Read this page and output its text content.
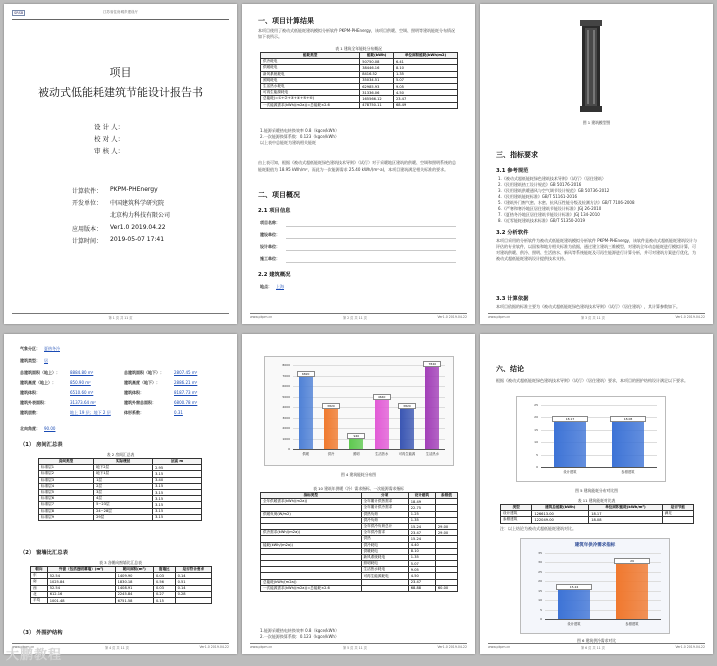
SRSB	江苏省住房城乡建设厅
项目
被动式低能耗建筑节能设计报告书
设 计 人：
校 对 人：
审 核 人：
计算软件： PKPM-PHEnergy
开发单位： 中国建筑科学研究院
北京构力科技有限公司
应用版本： Ver1.0 2019.04.22
计算时间： 2019-05-07 17:41
第 1 页 共 11 页
一、项目计算结果
本项目使用了被动式低能耗建筑模拟分析软件 PKPM-PHEnergy，该项目供暖、空调、照明等建筑能耗分布情况如下表所示。
表 1 建筑全年能耗分布概况
能耗类型	能耗(kWh)	单位面积能耗(kWh/m2)
供冷耗电	50750.08	6.41
供暖耗电	38446.16	8.10
新风系统耗电	8416.52	1.35
照明耗电	35034.51	5.07
生活热水耗电	62985.93	9.05
可再生能源耗电	31336.06	4.50
总能耗(=①+②+③+④+⑤+⑥)	165566.12	23.47
一次能源需求(kWh/(m2a))=总能耗×2.6	478750.11	68.49
1.能源采暖热电转换效率 0.8（kgce/kWh）
2.一次能源换算系数：0.123（kgce/kWh）
以上表中总能耗为建筑相关能耗
由上表可知，根据《被动式超低能耗绿色建筑技术导则》（试行）对于采暖地区建筑的供暖、空调和照明系统的总能耗限值为 18.95 kWh/m²，而此为一次能源需求 25.40 kWh/(m²·a)，本项目建筑满足相关标准的要求。
二、项目概况
2.1 项目信息
项目名称：
建设单位：
设计单位：
施工单位：
2.2 建筑概况
地点： 上海
www.pkpm.cn	第 2 页 共 11 页	Ver1.0 2019.04.22
图 1 建筑模型图
三、指标要求
3.1 参考规范
1.《被动式超低能耗绿色建筑技术导则》（试行）（居住建筑）
2.《民用建筑热工设计规范》GB 50176-2016
3.《民用建筑供暖通风与空气调节设计规范》GB 50736-2012
4.《民用建筑能耗标准》GB/T 51161-2016
5.《建筑外门窗气密、水密、抗风压性能分级及检测方法》GB/T 7106-2008
6.《严寒和寒冷地区居住建筑节能设计标准》JGJ 26-2010
7.《夏热冬冷地区居住建筑节能设计标准》JGJ 134-2010
8.《近零能耗建筑技术标准》GB/T 51350-2019
3.2 分析软件
本项目采用的分析软件为被动式低能耗建筑模拟分析软件 PKPM-PHEnergy，该软件是被动式超低能耗建筑设计与评估的专业软件，以国家和地方相关标准为依据，通过建立建筑三维模型，对建筑全年动态能耗进行模拟计算，可对建筑供暖、供冷、照明、生活热水、新风等系统能耗及可再生能源进行计算分析，并可对建筑方案进行优化，为被动式超低能耗建筑设计提供技术支持。
3.3 计算依据
本项目依据的标准主要为《被动式超低能耗绿色建筑技术导则》（试行）（居住建筑），其计算参数如下。
www.pkpm.cn	第 3 页 共 11 页	Ver1.0 2019.04.22
气象分区： 夏热冬冷
建筑类型： 居
总建筑面积（地上）：	8884.80 m²	总建筑面积（地下）：	2807.45 m²
建筑高度（地上）：	850.90 m²	建筑高度（地下）：	2886.21 m²
建筑体积：	6510.60 m³	建筑体积：	8187.73 m³
建筑外表面积：	31373.64 m²	建筑外窗总面积：	6800.78 m²
建筑层数：	地上 19 层；地下 2 层	体形系数：	0.31
北向角度： 90.00
（1） 房间汇总表
表 2 房间汇总表
房间类型	实际楼层	层高 m
标准层1	地下2层	2.95
标准层2	地下1层	3.15
标准层3	1层	3.40
标准层4	2层	3.15
标准层5	3层	3.15
标准层6	4层	3.15
标准层7	5~23层	3.15
标准层8	24~28层	3.15
标准层9	29层	3.15
（2） 窗墙比汇总表
表 3 各朝向窗墙比汇总表
朝向	外窗（包括透明幕墙）(m²)	朝向面积(m²)	窗墙比	是否符合要求
东	52.54	1409.90	0.03	0.14
南	1025.84	1830.18	0.56	0.51
西	52.54	1408.91	0.03	0.14
北	612.16	2245.84	0.27	0.28
平均	1001.48	6751.58	0.15	
（3） 外围护结构
www.pkpm.cn	第 4 页 共 11 页	Ver1.0 2019.04.22
0
1000
2000
3000
4000
5000
6000
7000
8000
6820
供暖
3820
供冷
940
照明
4640
生活热水
3820
可再生能源
7840
生活热水
图 4 建筑能耗分布图
表 10 建筑年供暖（冷）需求指标、一次能源需求指标
指标类型	分项	设计建筑	参照值
全年供暖需求(kWh/(m2a))	全年累计供热需求	18.49	
	全年累计供冷需求	22.75	
供暖负荷(W/m2)	供热负荷	1.25	
	供冷负荷	1.35	
	全年供冷负荷总计	15.24	29.00
供冷需求(kWh/(m2a))	全年供冷需求	23.47	29.00
	供热	15.24	
能耗(kWh/(m2a))	供冷耗电	4.40	
	供暖耗电	8.10	
	新风系统耗电	1.35	
	照明耗电	5.07	
	生活热水耗电	9.05	
	可再生能源耗电	4.50	
总能耗(kWh/(m2a))		23.47	
一次能源需求(kWh/(m2a))=总能耗×2.6		68.88	60.00
1.能源采暖热电转换效率 0.8（kgce/kWh）
2.一次能源换算系数：0.123（kgce/kWh）
www.pkpm.cn	第 5 页 共 11 页	Ver1.0 2019.04.22
六、结论
根据《被动式超低能耗绿色建筑技术导则》（试行）（居住建筑）要求，本项目的围护结构设计满足以下要求。
0
5
10
15
20
25
18.17
设计建筑
18.08
参照建筑
图 5 建筑能耗分布对比图
表 11 建筑能耗对比表
类型	建筑总能耗(kWh)	单位面积能耗(kWh/m²)	是否节能
设计建筑	126613.00	18.17	满足
参照建筑	122049.00	18.08	
注：以上结论为被动式超低能耗建筑对比。
建筑年供冷需求指标
0
5
10
15
20
25
30
35
15.24
设计建筑
29
参照建筑
图 6 建筑供冷需求对比
www.pkpm.cn	第 6 页 共 11 页	Ver1.0 2019.04.22
大鹏教程
